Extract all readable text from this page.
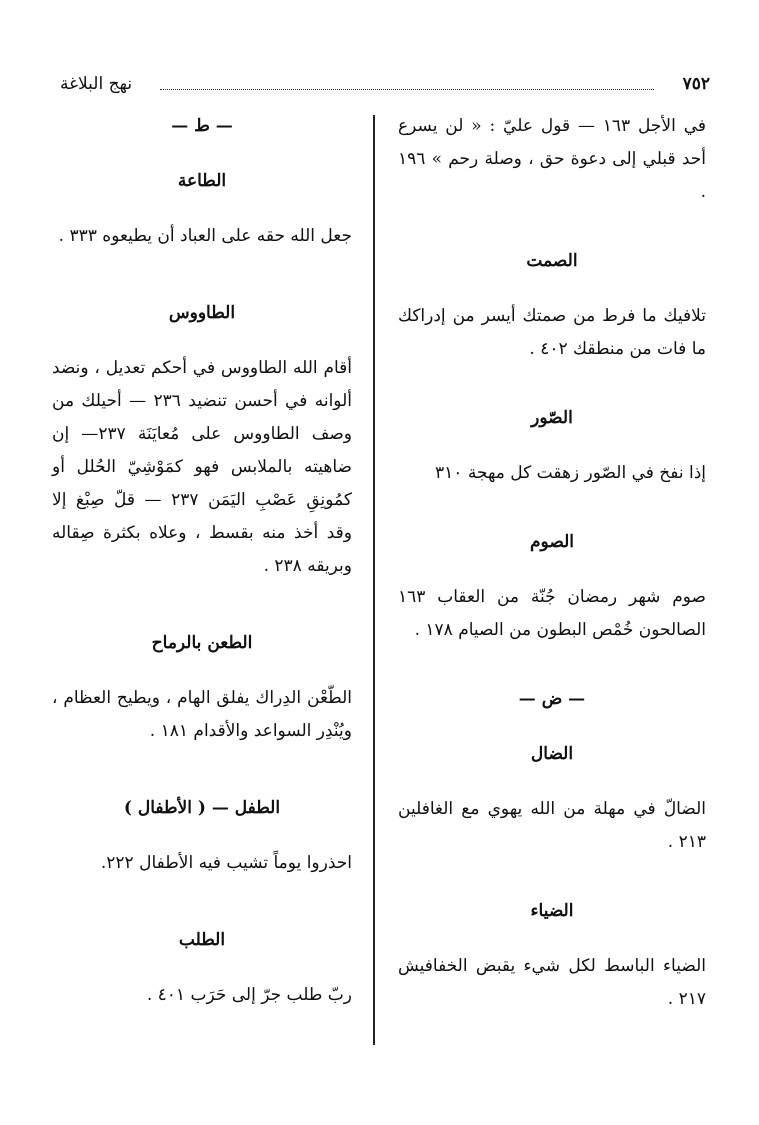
٧٥٢
نهج البلاغة

في الأجل ١٦٣ — قول عليّ : « لن يسرع أحد قبلي إلى دعوة حق ، وصلة رحم » ١٩٦ .

الصمت

تلافيك ما فرط من صمتك أيسر من إدراكك ما فات من منطقك ٤٠٢ .

الصّور

إذا نفخ في الصّور زهقت كل مهجة ٣١٠

الصوم

صوم شهر رمضان جُنّة من العقاب ١٦٣ الصالحون خُمْص البطون من الصيام ١٧٨ .

— ض —

الضال

الضالّ في مهلة من الله يهوي مع الغافلين ٢١٣ .

الضياء

الضياء الباسط لكل شيء يقبض الخفافيش ٢١٧ .

— ط —

الطاعة

جعل الله حقه على العباد أن يطيعوه ٣٣٣ .

الطاووس

أقام الله الطاووس في أحكم تعديل ، ونضد ألوانه في أحسن تنضيد ٢٣٦ — أحيلك من وصف الطاووس على مُعايَنَة ٢٣٧— إن ضاهيته بالملابس فهو كمَوْشِيّ الحُلل أو كمُونِقِ عَصْبِ اليَمَن ٢٣٧ — قلّ صِبْغ إلا وقد أخذ منه بقسط ، وعلاه بكثرة صِقاله وبريقه ٢٣٨ .

الطعن بالرماح

الطّعْن الدِراك يفلق الهام ، ويطيح العظام ، ويُنْدِر السواعد والأقدام ١٨١ .

الطفل — ( الأطفال )

احذروا يوماً تشيب فيه الأطفال ٢٢٢.

الطلب

ربّ طلب جرّ إلى حَرَب ٤٠١ .
